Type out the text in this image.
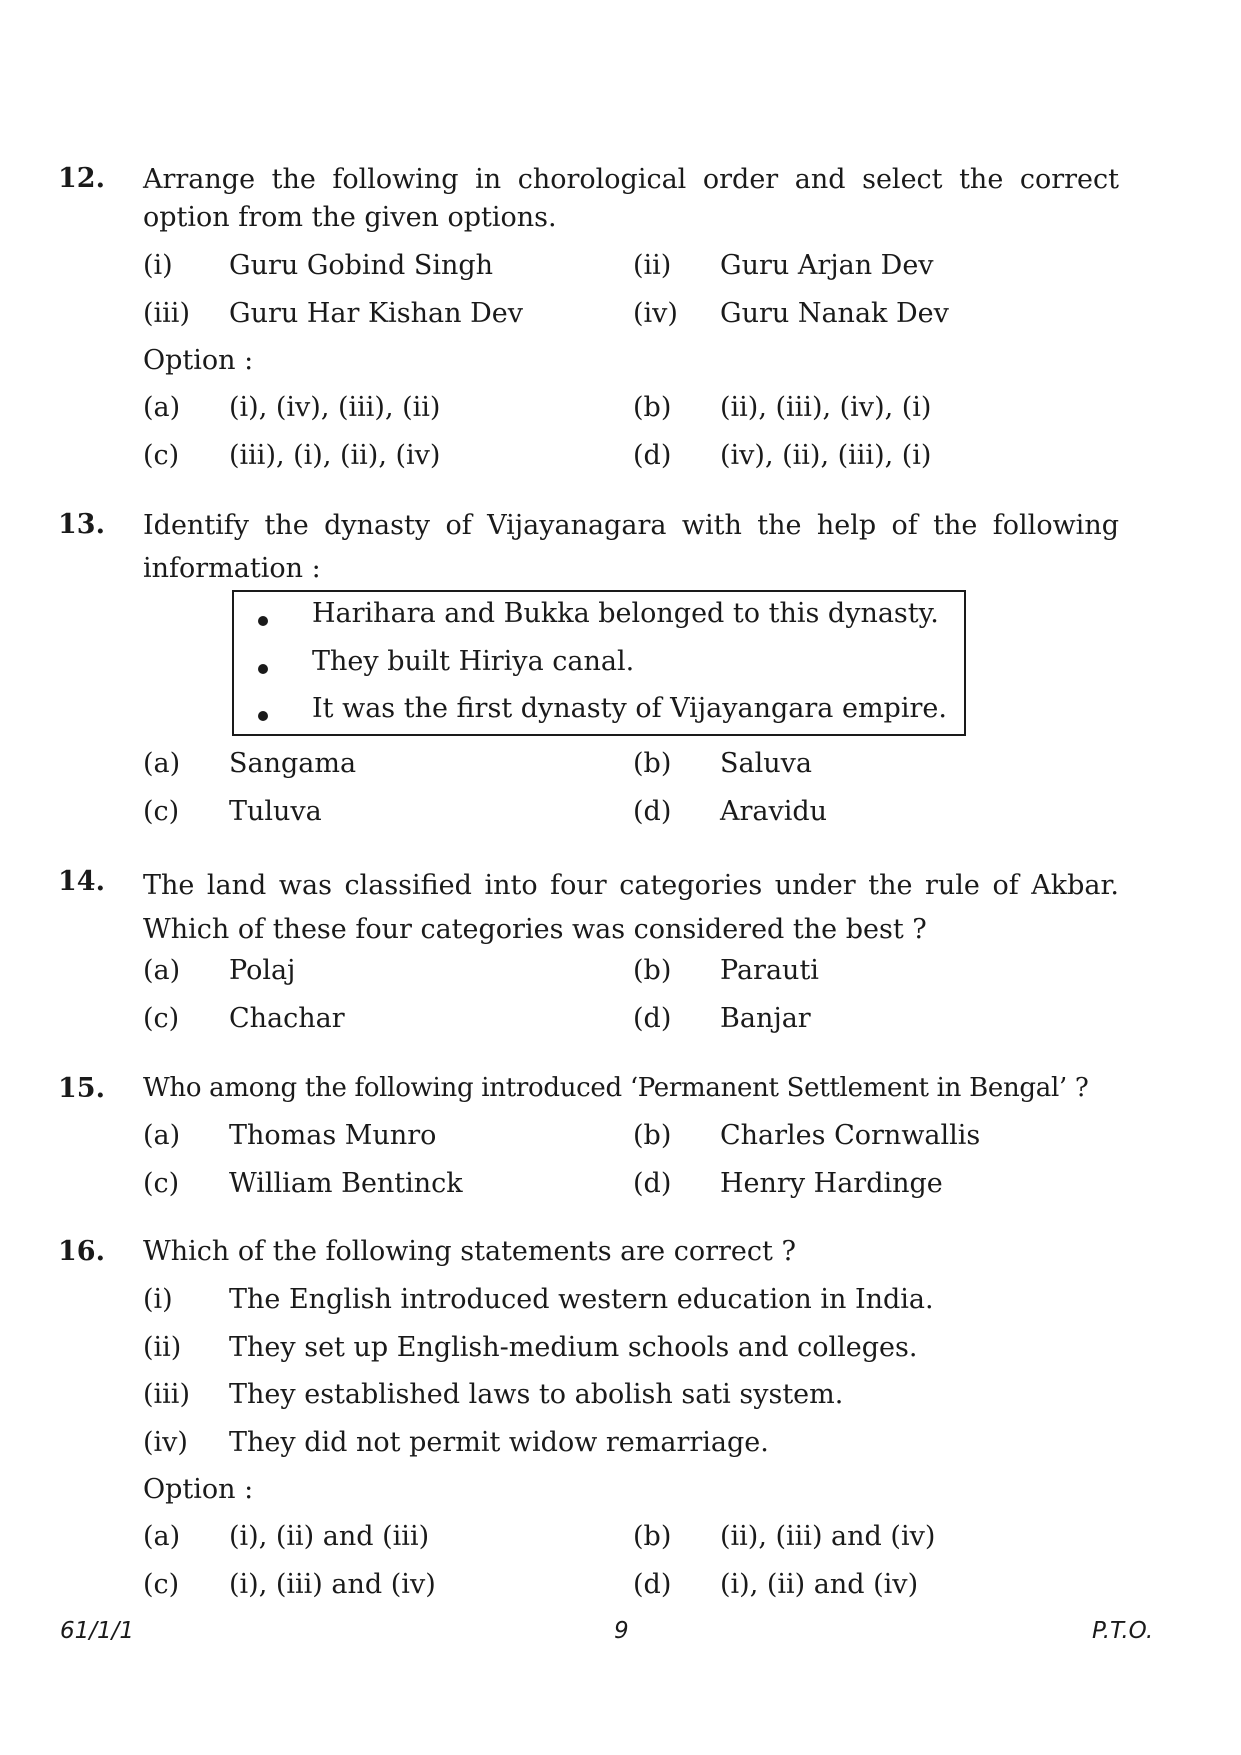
12. Arrange the following in chorological order and select the correct option from the given options.
(i) Guru Gobind Singh	(ii) Guru Arjan Dev
(iii) Guru Har Kishan Dev	(iv) Guru Nanak Dev
Option :
(a) (i), (iv), (iii), (ii)	(b) (ii), (iii), (iv), (i)
(c) (iii), (i), (ii), (iv)	(d) (iv), (ii), (iii), (i)
13. Identify the dynasty of Vijayanagara with the help of the following
information :
Harihara and Bukka belonged to this dynasty.
They built Hiriya canal.
It was the first dynasty of Vijayangara empire.
(a) Sangama	(b) Saluva
(c) Tuluva	(d) Aravidu
14. The land was classified into four categories under the rule of Akbar. Which of these four categories was considered the best ?
(a) Polaj	(b) Parauti
(c) Chachar	(d) Banjar
15. Who among the following introduced ‘Permanent Settlement in Bengal’ ?
(a) Thomas Munro	(b) Charles Cornwallis
(c) William Bentinck	(d) Henry Hardinge
16. Which of the following statements are correct ?
(i) The English introduced western education in India.
(ii) They set up English-medium schools and colleges.
(iii) They established laws to abolish sati system.
(iv) They did not permit widow remarriage.
Option :
(a) (i), (ii) and (iii)	(b) (ii), (iii) and (iv)
(c) (i), (iii) and (iv)	(d) (i), (ii) and (iv)
61/1/1	9	P.T.O.
